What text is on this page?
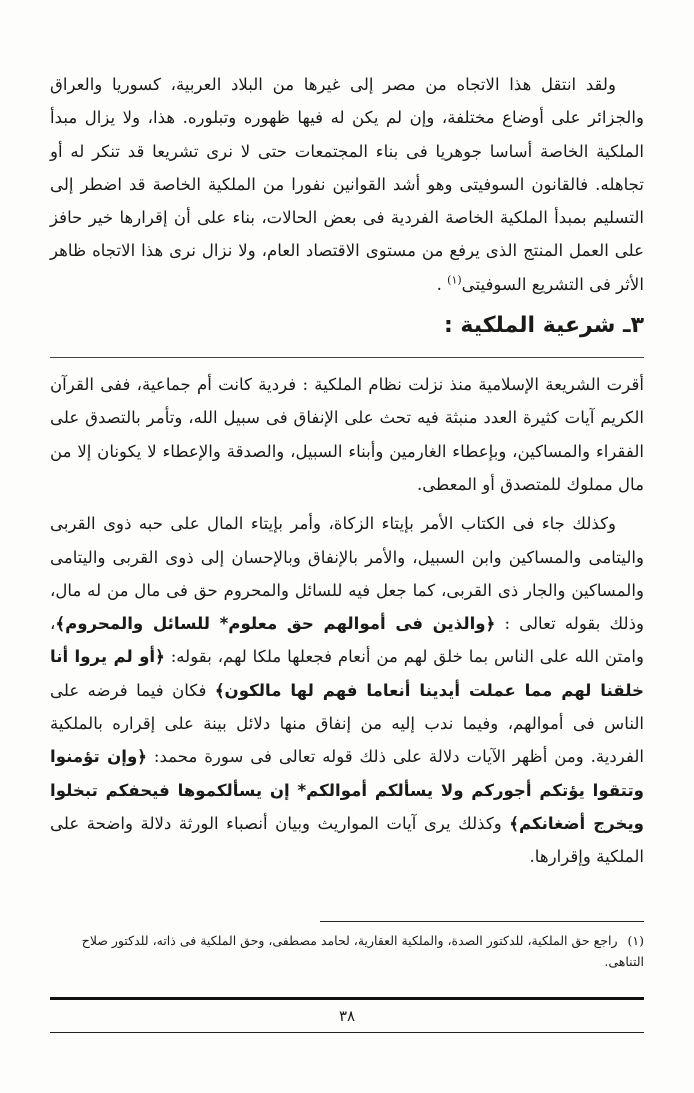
ولقد انتقل هذا الاتجاه من مصر إلى غيرها من البلاد العربية، كسوريا والعراق والجزائر على أوضاع مختلفة، وإن لم يكن له فيها ظهوره وتبلوره. هذا، ولا يزال مبدأ الملكية الخاصة أساسا جوهريا فى بناء المجتمعات حتى لا نرى تشريعا قد تنكر له أو تجاهله. فالقانون السوفيتى وهو أشد القوانين نفورا من الملكية الخاصة قد اضطر إلى التسليم بمبدأ الملكية الخاصة الفردية فى بعض الحالات، بناء على أن إقرارها خير حافز على العمل المنتج الذى يرفع من مستوى الاقتصاد العام، ولا نزال نرى هذا الاتجاه ظاهر الأثر فى التشريع السوفيتى$^{(١)}$ .

٣ـ شرعية الملكية :

أقرت الشريعة الإسلامية منذ نزلت نظام الملكية : فردية كانت أم جماعية، ففى القرآن الكريم آيات كثيرة العدد منبثة فيه تحث على الإنفاق فى سبيل الله، وتأمر بالتصدق على الفقراء والمساكين، وبإعطاء الغارمين وأبناء السبيل، والصدقة والإعطاء لا يكونان إلا من مال مملوك للمتصدق أو المعطى.

وكذلك جاء فى الكتاب الأمر بإيتاء الزكاة، وأمر بإيتاء المال على حبه ذوى القربى واليتامى والمساكين وابن السبيل، والأمر بالإنفاق وبالإحسان إلى ذوى القربى واليتامى والمساكين والجار ذى القربى، كما جعل فيه للسائل والمحروم حق فى مال من له مال، وذلك بقوله تعالى : ﴿والذين فى أموالهم حق معلوم* للسائل والمحروم﴾، وامتن الله على الناس بما خلق لهم من أنعام فجعلها ملكا لهم، بقوله: ﴿أو لم يروا أنا خلقنا لهم مما عملت أيدينا أنعاما فهم لها مالكون﴾ فكان فيما فرضه على الناس فى أموالهم، وفيما ندب إليه من إنفاق منها دلائل بينة على إقراره بالملكية الفردية. ومن أظهر الآيات دلالة على ذلك قوله تعالى فى سورة محمد: ﴿وإن تؤمنوا وتتقوا يؤتكم أجوركم ولا يسألكم أموالكم* إن يسألكموها فيحفكم تبخلوا ويخرج أضغانكم﴾ وكذلك يرى آيات المواريث وبيان أنصباء الورثة دلالة واضحة على الملكية وإقرارها.

(١)راجع حق الملكية، للدكتور الصدة، والملكية العقارية، لحامد مصطفى، وحق الملكية فى ذاته، للدكتور صلاح التناهى.
٣٨
